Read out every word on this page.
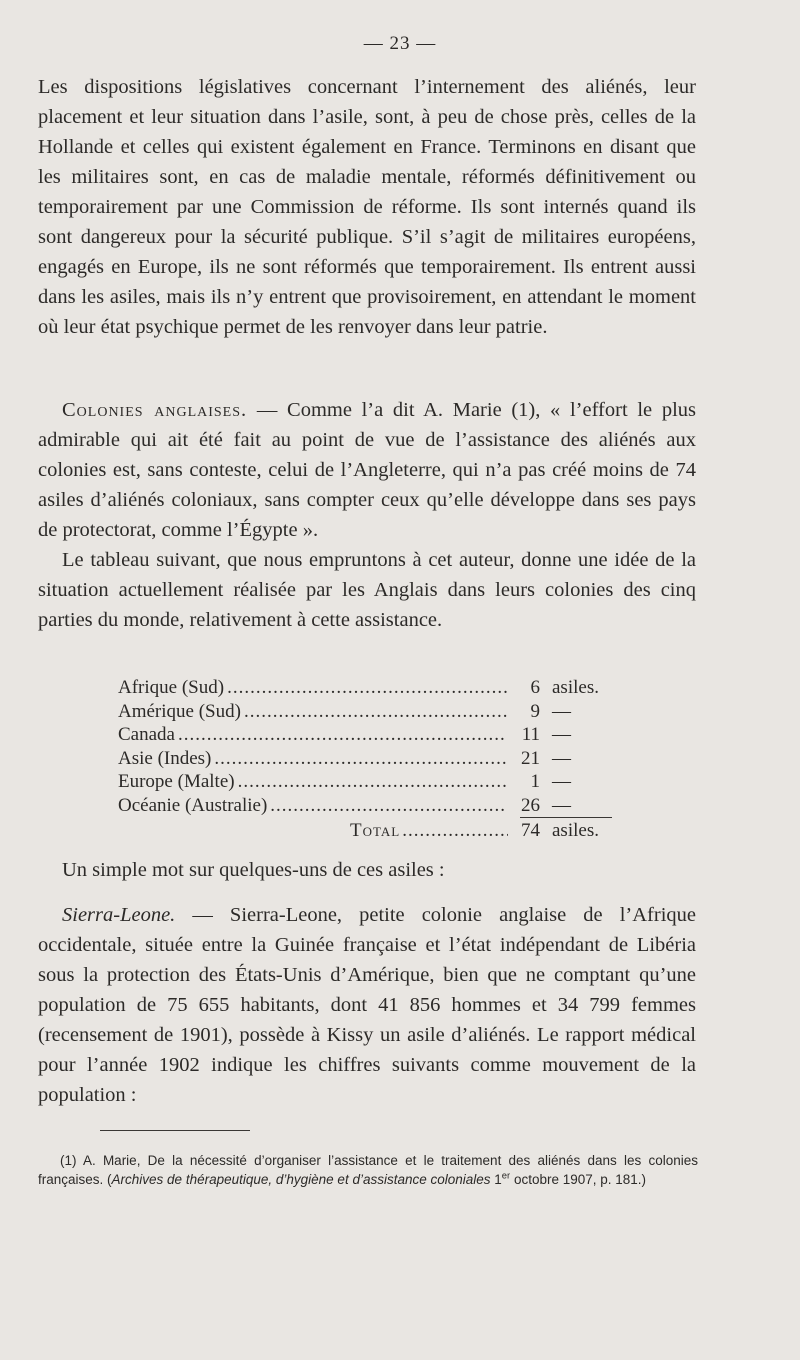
— 23 —

Les dispositions législatives concernant l’internement des aliénés, leur placement et leur situation dans l’asile, sont, à peu de chose près, celles de la Hollande et celles qui existent également en France. Terminons en disant que les militaires sont, en cas de maladie mentale, réformés définitivement ou temporairement par une Commission de réforme. Ils sont internés quand ils sont dangereux pour la sécurité publique. S’il s’agit de militaires européens, engagés en Europe, ils ne sont réformés que temporairement. Ils entrent aussi dans les asiles, mais ils n’y entrent que provisoirement, en attendant le moment où leur état psychique permet de les renvoyer dans leur patrie.

Colonies anglaises. — Comme l’a dit A. Marie (1), « l’effort le plus admirable qui ait été fait au point de vue de l’assistance des aliénés aux colonies est, sans conteste, celui de l’Angleterre, qui n’a pas créé moins de 74 asiles d’aliénés coloniaux, sans compter ceux qu’elle développe dans ses pays de protectorat, comme l’Égypte ».

Le tableau suivant, que nous empruntons à cet auteur, donne une idée de la situation actuellement réalisée par les Anglais dans leurs colonies des cinq parties du monde, relativement à cette assistance.

Afrique (Sud) .....	6 asiles.
Amérique (Sud) .....	9 —
Canada .....	11 —
Asie (Indes) .....	21 —
Europe (Malte) .....	1 —
Océanie (Australie) .....	26 —
Total .....	74 asiles.

Un simple mot sur quelques-uns de ces asiles :

Sierra-Leone. — Sierra-Leone, petite colonie anglaise de l’Afrique occidentale, située entre la Guinée française et l’état indépendant de Libéria sous la protection des États-Unis d’Amérique, bien que ne comptant qu’une population de 75 655 habitants, dont 41 856 hommes et 34 799 femmes (recensement de 1901), possède à Kissy un asile d’aliénés. Le rapport médical pour l’année 1902 indique les chiffres suivants comme mouvement de la population :

(1) A. Marie, De la nécessité d’organiser l’assistance et le traitement des aliénés dans les colonies françaises. (Archives de thérapeutique, d’hygiène et d’assistance coloniales 1er octobre 1907, p. 181.)
